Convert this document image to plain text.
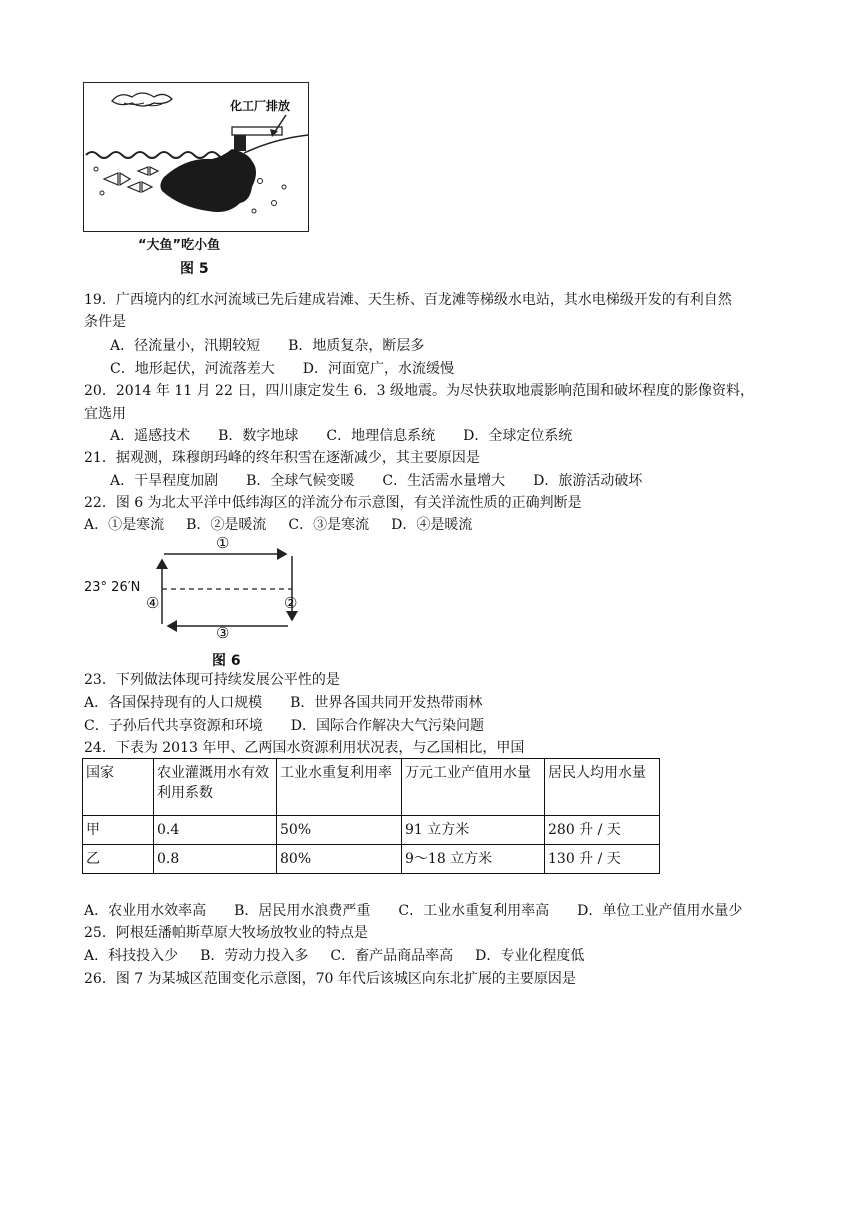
化工厂排放
“大鱼”吃小鱼
图 5
19．广西境内的红水河流域已先后建成岩滩、天生桥、百龙滩等梯级水电站，其水电梯级开发的有利自然
条件是
A．径流量小，汛期较短 B．地质复杂，断层多
C．地形起伏，河流落差大 D．河面宽广，水流缓慢
20．2014 年 11 月 22 日，四川康定发生 6．3 级地震。为尽快获取地震影响范围和破坏程度的影像资料，
宜选用
A．遥感技术 B．数字地球 C．地理信息系统 D．全球定位系统
21．据观测，珠穆朗玛峰的终年积雪在逐渐减少，其主要原因是
A．干旱程度加剧 B．全球气候变暖 C．生活需水量增大 D．旅游活动破坏
22．图 6 为北太平洋中低纬海区的洋流分布示意图，有关洋流性质的正确判断是
A．①是寒流 B．②是暖流 C．③是寒流 D．④是暖流
①
②
③
④
23° 26′N
图 6
23．下列做法体现可持续发展公平性的是
A．各国保持现有的人口规模 B．世界各国共同开发热带雨林
C．子孙后代共享资源和环境 D．国际合作解决大气污染问题
24．下表为 2013 年甲、乙两国水资源利用状况表，与乙国相比，甲国
国家	农业灌溉用水有效利用系数	工业水重复利用率	万元工业产值用水量	居民人均用水量
甲	0.4	50%	91 立方米	280 升 / 天
乙	0.8	80%	9～18 立方米	130 升 / 天
A．农业用水效率高 B．居民用水浪费严重 C．工业水重复利用率高 D．单位工业产值用水量少
25．阿根廷潘帕斯草原大牧场放牧业的特点是
A．科技投入少 B．劳动力投入多 C．畜产品商品率高 D．专业化程度低
26．图 7 为某城区范围变化示意图，70 年代后该城区向东北扩展的主要原因是
